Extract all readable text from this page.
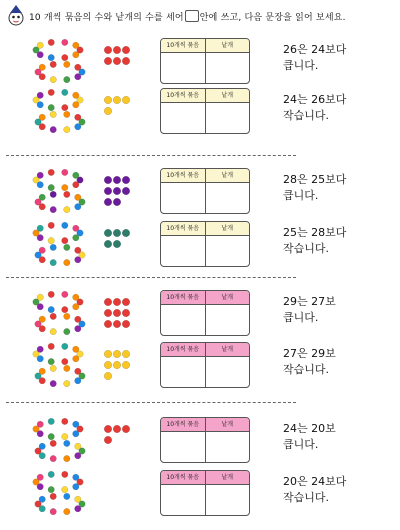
10 개씩 묶음의 수와 낱개의 수를 세어 안에 쓰고, 다음 문장을 읽어 보세요.
10개씩 묶음	낱개	26은 24보다
큽니다.
10개씩 묶음	낱개	24는 26보다
작습니다.
10개씩 묶음	낱개	28은 25보다
큽니다.
10개씩 묶음	낱개	25는 28보다
작습니다.
10개씩 묶음	낱개	29는 27보
큽니다.
10개씩 묶음	낱개	27은 29보
작습니다.
10개씩 묶음	낱개	24는 20보
큽니다.
10개씩 묶음	낱개	20은 24보다
작습니다.
